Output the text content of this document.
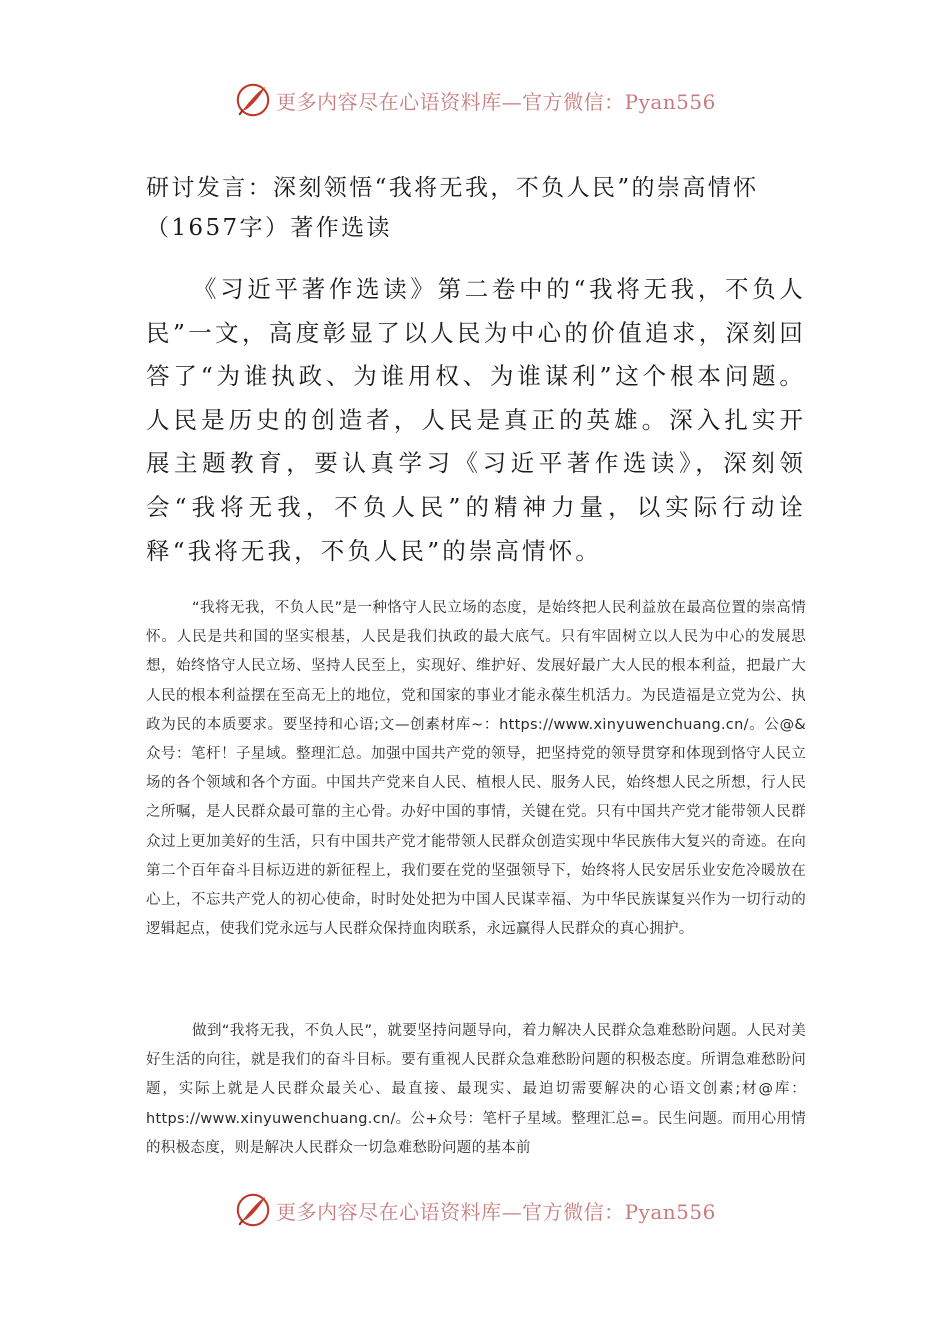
更多内容尽在心语资料库—官方微信：Pyan556
研讨发言：深刻领悟“我将无我，不负人民”的崇高情怀（1657字）著作选读

《习近平著作选读》第二卷中的“我将无我，不负人民”一文，高度彰显了以人民为中心的价值追求，深刻回答了“为谁执政、为谁用权、为谁谋利”这个根本问题。人民是历史的创造者，人民是真正的英雄。深入扎实开展主题教育，要认真学习《习近平著作选读》，深刻领会“我将无我，不负人民”的精神力量，以实际行动诠释“我将无我，不负人民”的崇高情怀。

“我将无我，不负人民”是一种恪守人民立场的态度，是始终把人民利益放在最高位置的崇高情怀。人民是共和国的坚实根基，人民是我们执政的最大底气。只有牢固树立以人民为中心的发展思想，始终恪守人民立场、坚持人民至上，实现好、维护好、发展好最广大人民的根本利益，把最广大人民的根本利益摆在至高无上的地位，党和国家的事业才能永葆生机活力。为民造福是立党为公、执政为民的本质要求。要坚持和心语;文—创素材库~：https://www.xinyuwenchuang.cn/。公@&众号：笔杆！子星域。整理汇总。加强中国共产党的领导，把坚持党的领导贯穿和体现到恪守人民立场的各个领域和各个方面。中国共产党来自人民、植根人民、服务人民，始终想人民之所想，行人民之所嘱，是人民群众最可靠的主心骨。办好中国的事情，关键在党。只有中国共产党才能带领人民群众过上更加美好的生活，只有中国共产党才能带领人民群众创造实现中华民族伟大复兴的奇迹。在向第二个百年奋斗目标迈进的新征程上，我们要在党的坚强领导下，始终将人民安居乐业安危冷暖放在心上，不忘共产党人的初心使命，时时处处把为中国人民谋幸福、为中华民族谋复兴作为一切行动的逻辑起点，使我们党永远与人民群众保持血肉联系，永远赢得人民群众的真心拥护。

做到“我将无我，不负人民”，就要坚持问题导向，着力解决人民群众急难愁盼问题。人民对美好生活的向往，就是我们的奋斗目标。要有重视人民群众急难愁盼问题的积极态度。所谓急难愁盼问题，实际上就是人民群众最关心、最直接、最现实、最迫切需要解决的心语文创素;材@库：https://www.xinyuwenchuang.cn/。公+众号：笔杆子星域。整理汇总=。民生问题。而用心用情的积极态度，则是解决人民群众一切急难愁盼问题的基本前

更多内容尽在心语资料库—官方微信：Pyan556
